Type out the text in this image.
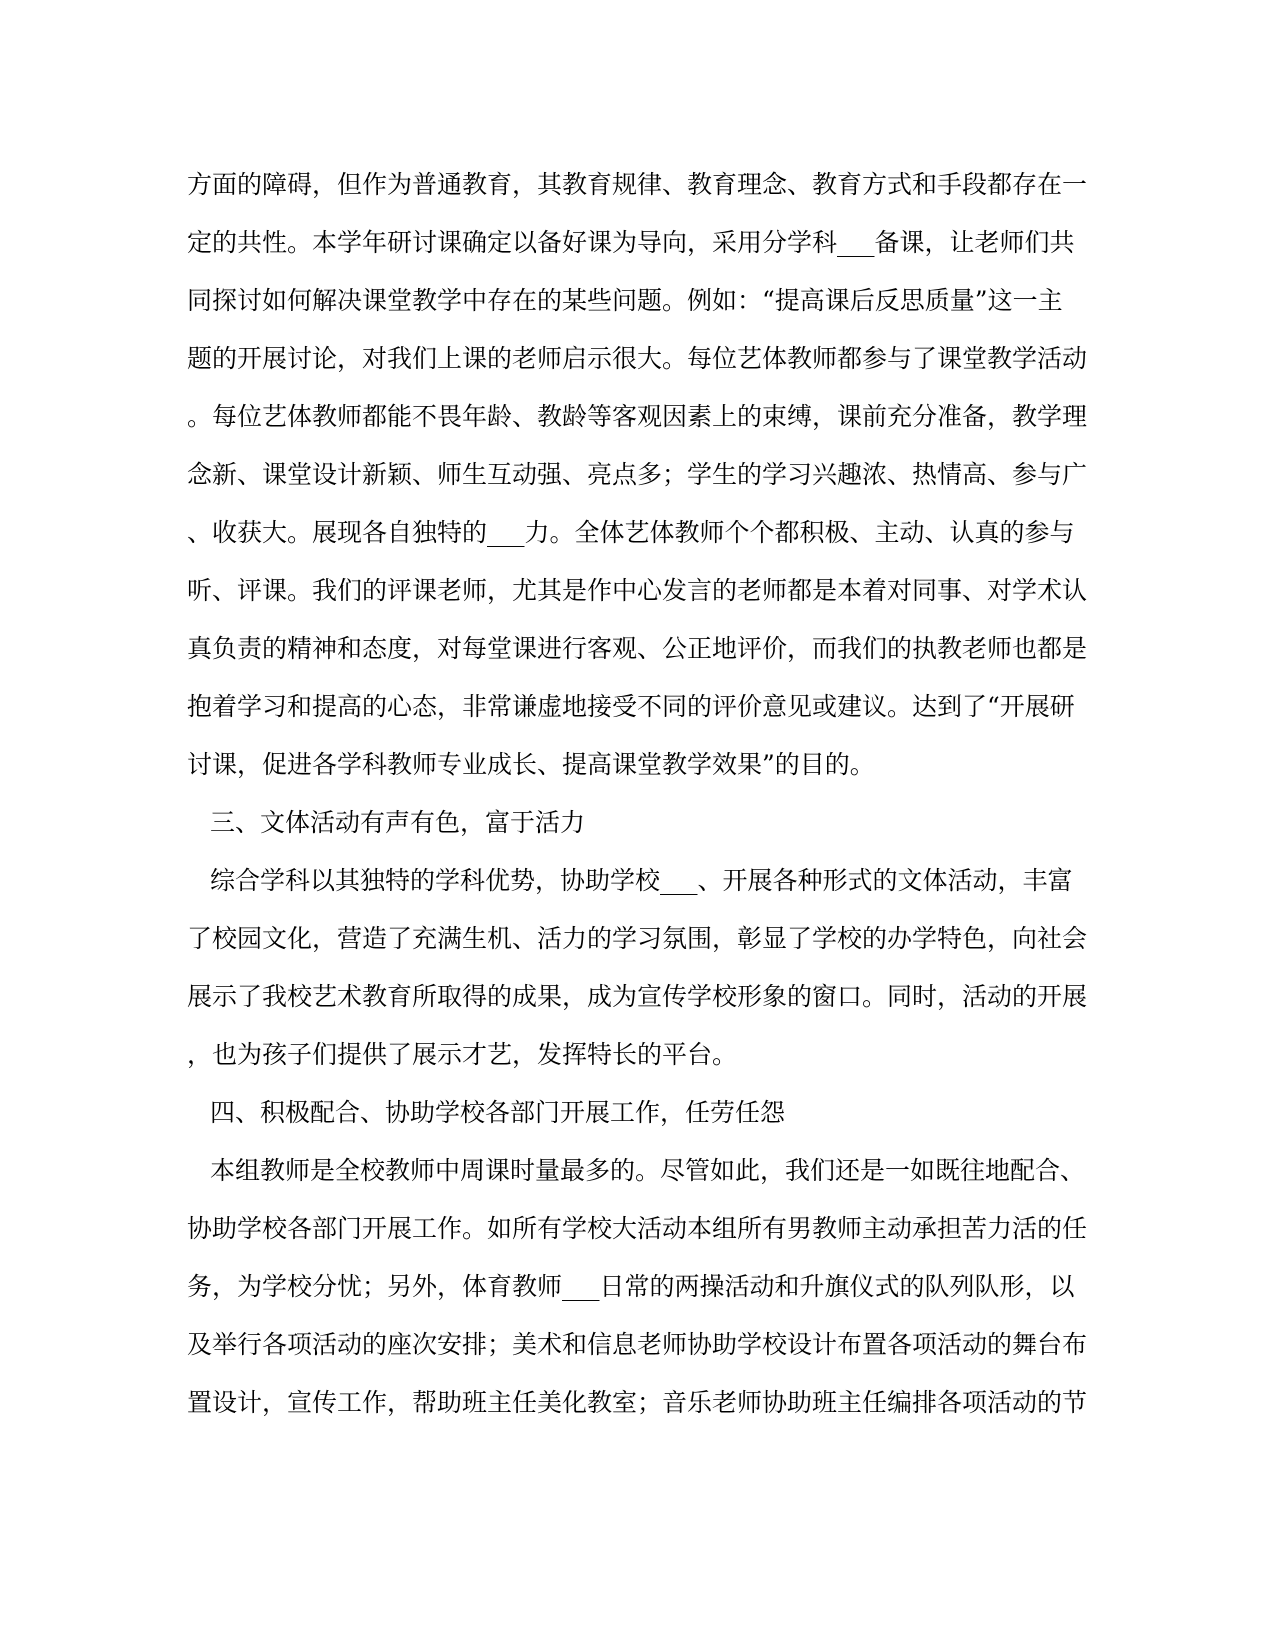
方面的障碍，但作为普通教育，其教育规律、教育理念、教育方式和手段都存在一
定的共性。本学年研讨课确定以备好课为导向，采用分学科___备课，让老师们共
同探讨如何解决课堂教学中存在的某些问题。例如：“提高课后反思质量”这一主
题的开展讨论，对我们上课的老师启示很大。每位艺体教师都参与了课堂教学活动
。每位艺体教师都能不畏年龄、教龄等客观因素上的束缚，课前充分准备，教学理
念新、课堂设计新颖、师生互动强、亮点多；学生的学习兴趣浓、热情高、参与广
、收获大。展现各自独特的___力。全体艺体教师个个都积极、主动、认真的参与
听、评课。我们的评课老师，尤其是作中心发言的老师都是本着对同事、对学术认
真负责的精神和态度，对每堂课进行客观、公正地评价，而我们的执教老师也都是
抱着学习和提高的心态，非常谦虚地接受不同的评价意见或建议。达到了“开展研
讨课，促进各学科教师专业成长、提高课堂教学效果”的目的。
三、文体活动有声有色，富于活力
综合学科以其独特的学科优势，协助学校___、开展各种形式的文体活动，丰富
了校园文化，营造了充满生机、活力的学习氛围，彰显了学校的办学特色，向社会
展示了我校艺术教育所取得的成果，成为宣传学校形象的窗口。同时，活动的开展
，也为孩子们提供了展示才艺，发挥特长的平台。
四、积极配合、协助学校各部门开展工作，任劳任怨
本组教师是全校教师中周课时量最多的。尽管如此，我们还是一如既往地配合、
协助学校各部门开展工作。如所有学校大活动本组所有男教师主动承担苦力活的任
务，为学校分忧；另外，体育教师___日常的两操活动和升旗仪式的队列队形，以
及举行各项活动的座次安排；美术和信息老师协助学校设计布置各项活动的舞台布
置设计，宣传工作，帮助班主任美化教室；音乐老师协助班主任编排各项活动的节
